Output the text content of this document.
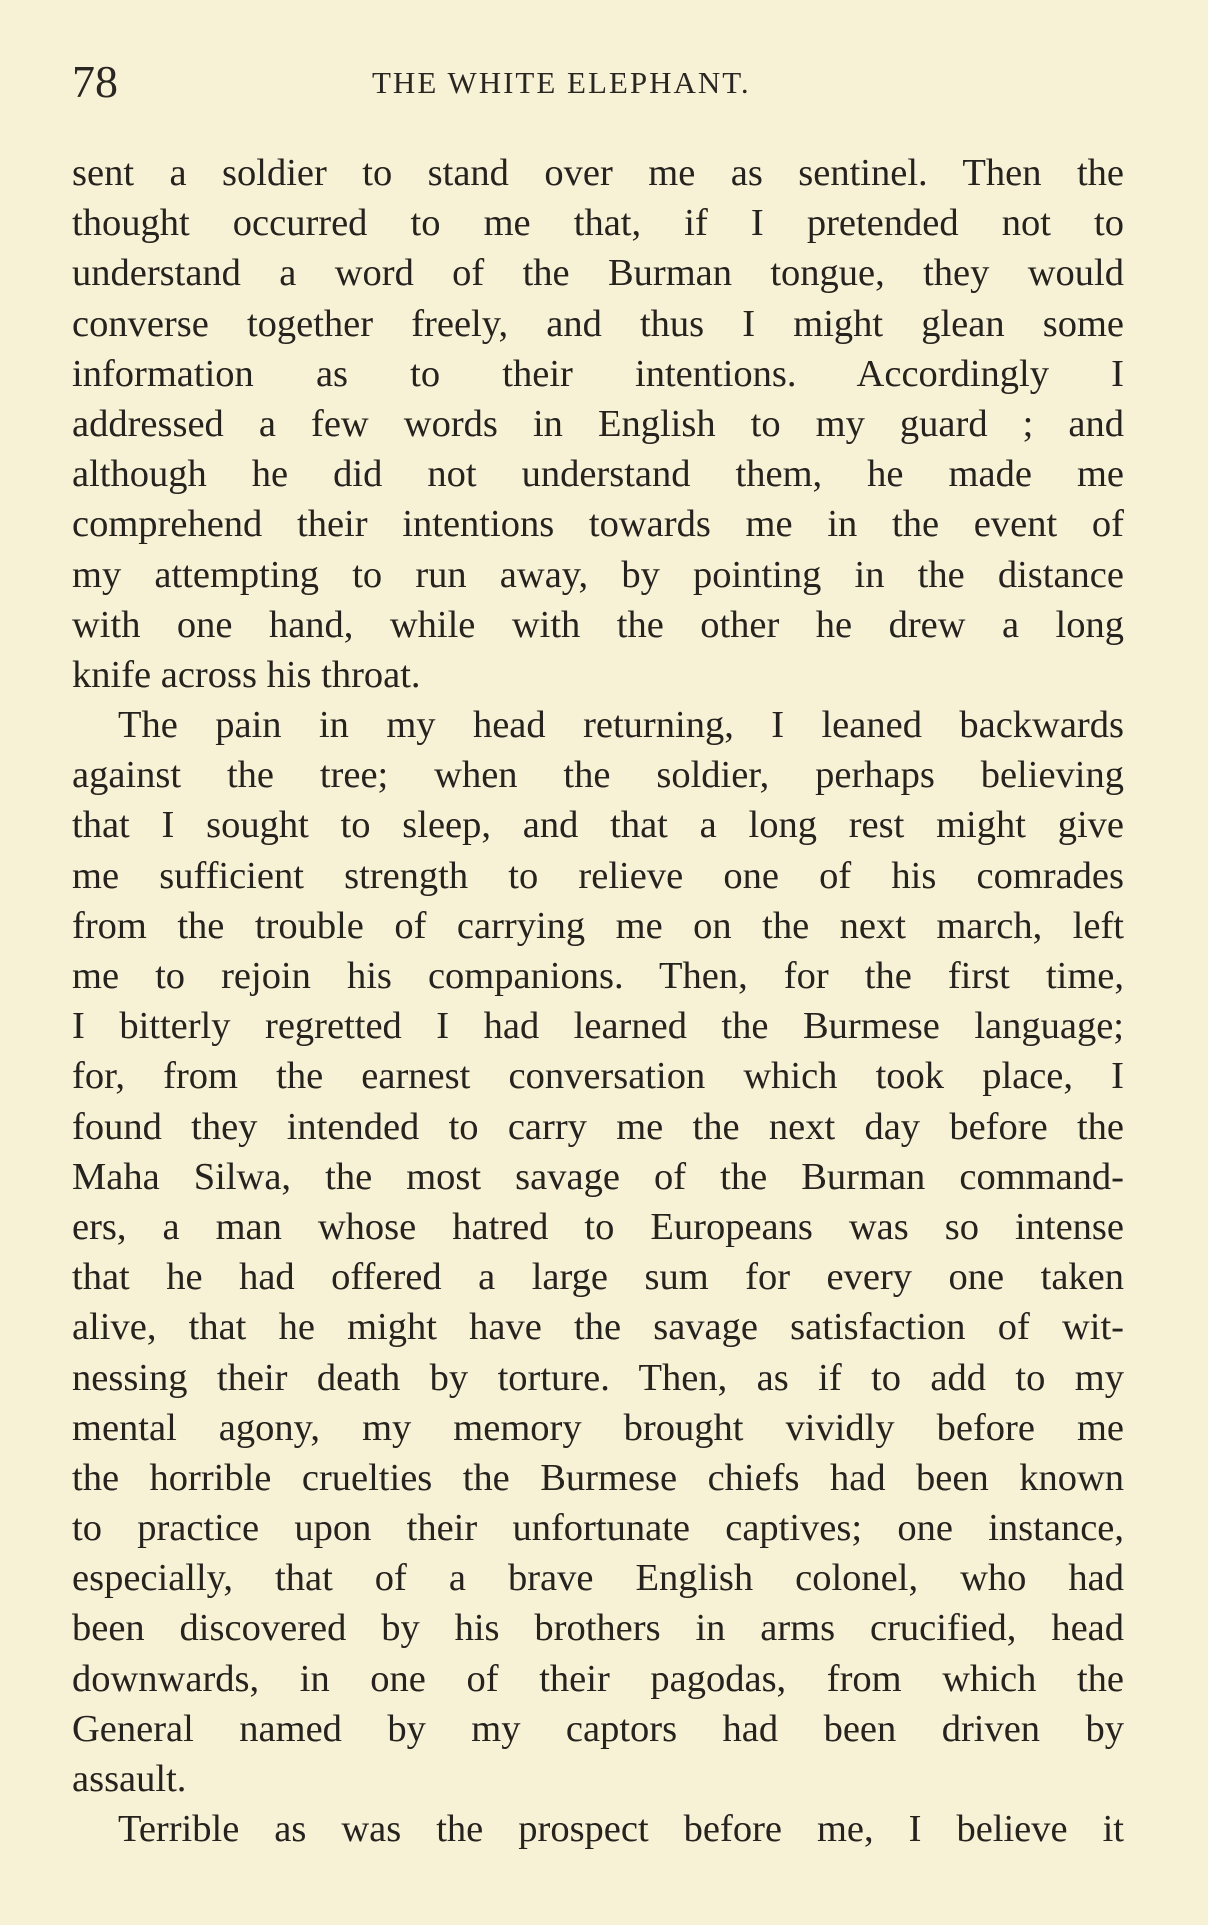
78	THE WHITE ELEPHANT.
sent a soldier to stand over me as sentinel. Then the
thought occurred to me that, if I pretended not to
understand a word of the Burman tongue, they would
converse together freely, and thus I might glean some
information as to their intentions. Accordingly I
addressed a few words in English to my guard ; and
although he did not understand them, he made me
comprehend their intentions towards me in the event of
my attempting to run away, by pointing in the distance
with one hand, while with the other he drew a long
knife across his throat.
The pain in my head returning, I leaned backwards
against the tree; when the soldier, perhaps believing
that I sought to sleep, and that a long rest might give
me sufficient strength to relieve one of his comrades
from the trouble of carrying me on the next march, left
me to rejoin his companions. Then, for the first time,
I bitterly regretted I had learned the Burmese language;
for, from the earnest conversation which took place, I
found they intended to carry me the next day before the
Maha Silwa, the most savage of the Burman command-
ers, a man whose hatred to Europeans was so intense
that he had offered a large sum for every one taken
alive, that he might have the savage satisfaction of wit-
nessing their death by torture. Then, as if to add to my
mental agony, my memory brought vividly before me
the horrible cruelties the Burmese chiefs had been known
to practice upon their unfortunate captives; one instance,
especially, that of a brave English colonel, who had
been discovered by his brothers in arms crucified, head
downwards, in one of their pagodas, from which the
General named by my captors had been driven by
assault.
Terrible as was the prospect before me, I believe it
